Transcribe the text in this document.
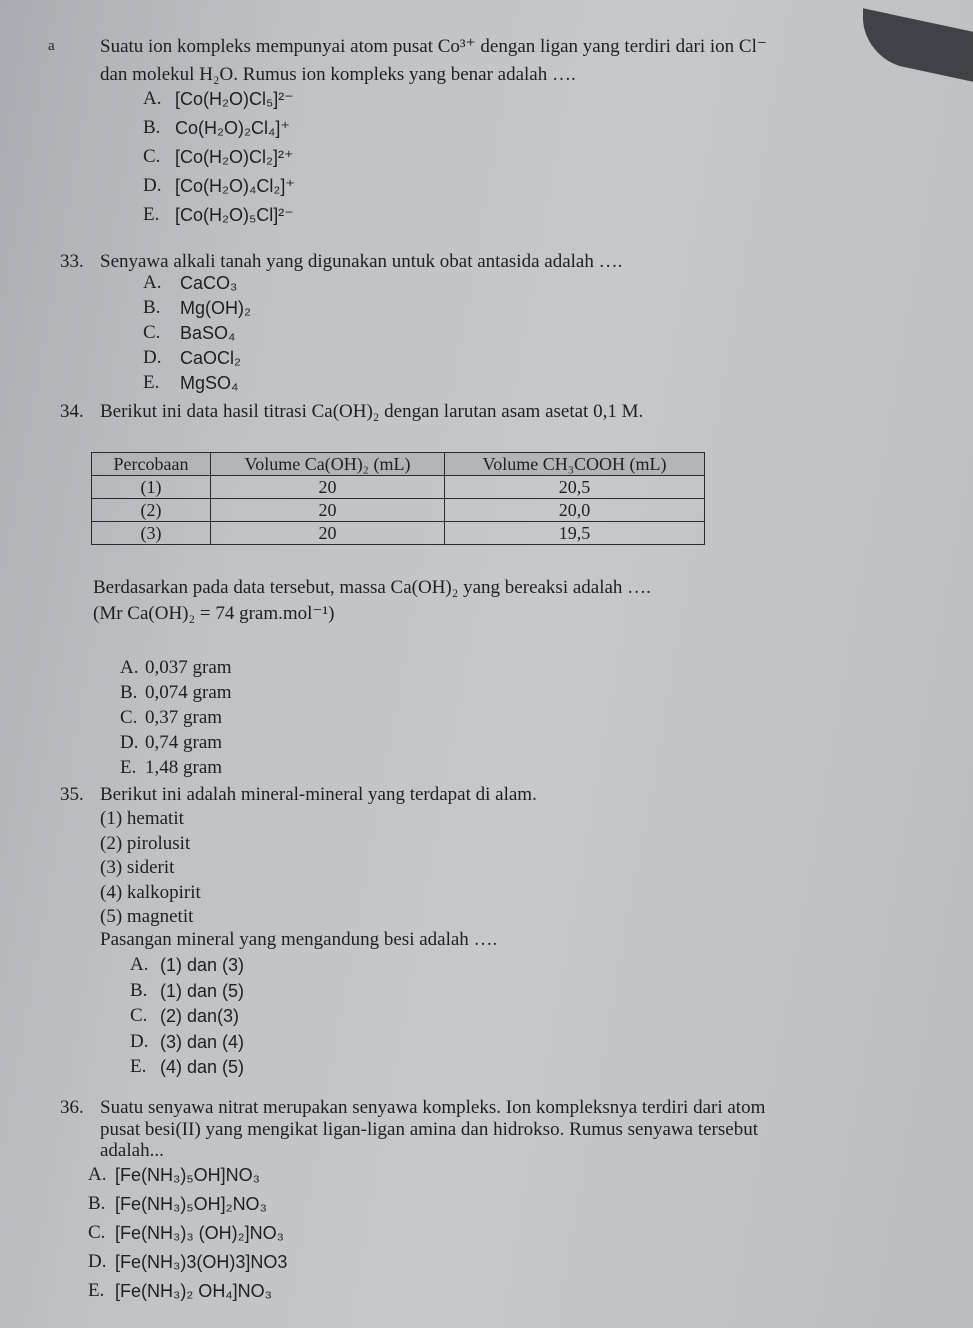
a Suatu ion kompleks mempunyai atom pusat Co³⁺ dengan ligan yang terdiri dari ion Cl⁻
dan molekul H₂O. Rumus ion kompleks yang benar adalah ….
A. [Co(H₂O)Cl₅]²⁻
B. Co(H₂O)₂Cl₄]⁺
C. [Co(H₂O)Cl₂]²⁺
D. [Co(H₂O)₄Cl₂]⁺
E. [Co(H₂O)₅Cl]²⁻
33. Senyawa alkali tanah yang digunakan untuk obat antasida adalah ….
A. CaCO₃
B. Mg(OH)₂
C. BaSO₄
D. CaOCl₂
E. MgSO₄
34. Berikut ini data hasil titrasi Ca(OH)₂ dengan larutan asam asetat 0,1 M.
Percobaan	Volume Ca(OH)₂ (mL)	Volume CH₃COOH (mL)
(1)	20	20,5
(2)	20	20,0
(3)	20	19,5
Berdasarkan pada data tersebut, massa Ca(OH)₂ yang bereaksi adalah ….
(Mr Ca(OH)₂ = 74 gram.mol⁻¹)
A. 0,037 gram
B. 0,074 gram
C. 0,37 gram
D. 0,74 gram
E. 1,48 gram
35. Berikut ini adalah mineral-mineral yang terdapat di alam.
(1) hematit
(2) pirolusit
(3) siderit
(4) kalkopirit
(5) magnetit
Pasangan mineral yang mengandung besi adalah ….
A. (1) dan (3)
B. (1) dan (5)
C. (2) dan(3)
D. (3) dan (4)
E. (4) dan (5)
36. Suatu senyawa nitrat merupakan senyawa kompleks. Ion kompleksnya terdiri dari atom
pusat besi(II) yang mengikat ligan-ligan amina dan hidrokso. Rumus senyawa tersebut
adalah...
A. [Fe(NH₃)₅OH]NO₃
B. [Fe(NH₃)₅OH]₂NO₃
C. [Fe(NH₃)₃ (OH)₂]NO₃
D. [Fe(NH₃)3(OH)3]NO3
E. [Fe(NH₃)₂ OH₄]NO₃
